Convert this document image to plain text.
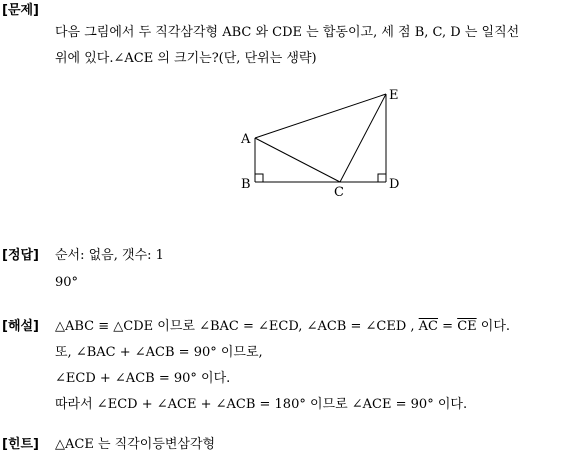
[문제]
다음 그림에서 두 직각삼각형 ABC 와 CDE 는 합동이고, 세 점 B, C, D 는 일직선
위에 있다.∠ACE 의 크기는?(단, 단위는 생략)
A
B
C
D
E
[정답] 순서: 없음, 갯수: 1
90°
[해설] △ABC ≡ △CDE 이므로 ∠BAC = ∠ECD, ∠ACB = ∠CED , $\overline{AC} = \overline{CE}$ 이다.
또, ∠BAC + ∠ACB = 90° 이므로,
∠ECD + ∠ACB = 90° 이다.
따라서 ∠ECD + ∠ACE + ∠ACB = 180° 이므로 ∠ACE = 90° 이다.
[힌트] △ACE 는 직각이등변삼각형
